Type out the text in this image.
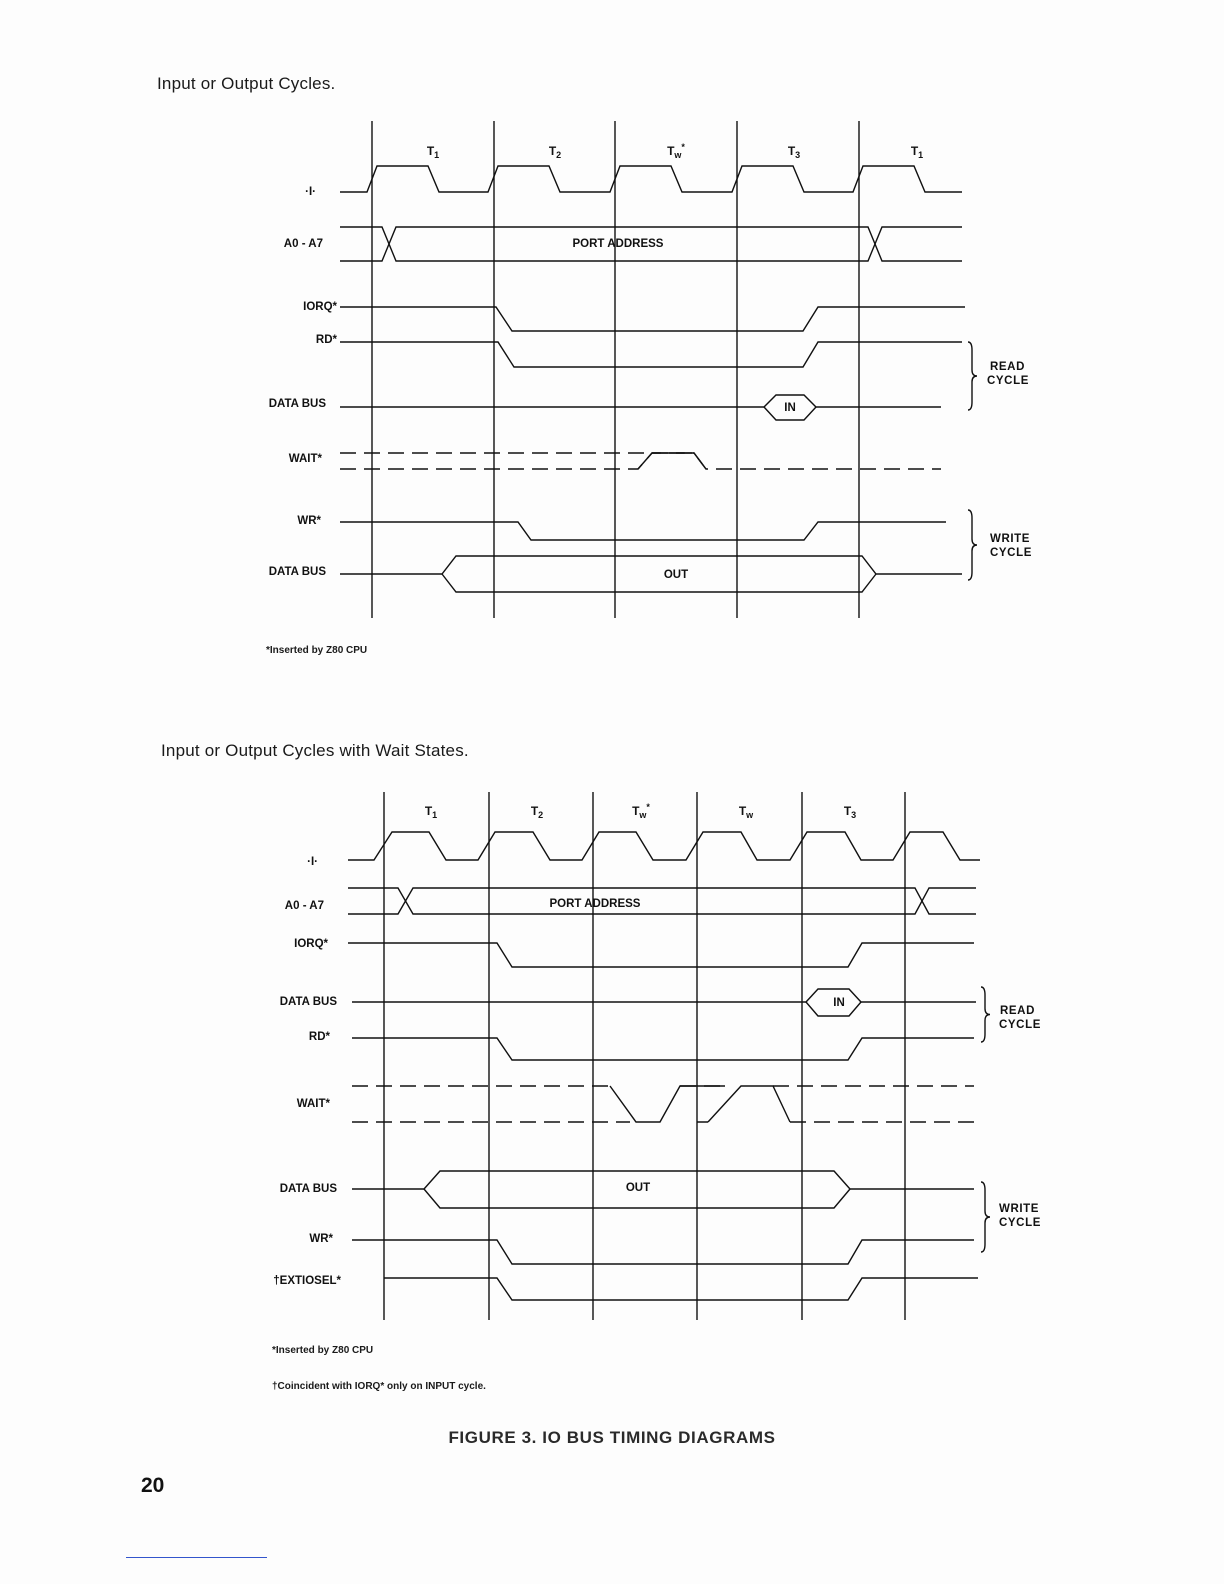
Input or Output Cycles.
$T_1$	$T_2$	$T_w^*$	$T_3$	$T_1$
·I·
A0 - A7	PORT ADDRESS
IORQ*
RD*
DATA BUS	IN
WAIT*
WR*
DATA BUS	OUT
READ
CYCLE
WRITE
CYCLE
*Inserted by Z80 CPU
Input or Output Cycles with Wait States.
$T_1$	$T_2$	$T_w^*$	$T_w$	$T_3$
·I·
A0 - A7	PORT ADDRESS
IORQ*
DATA BUS	IN
RD*
WAIT*
DATA BUS	OUT
WR*
†EXTIOSEL*
READ
CYCLE
WRITE
CYCLE
*Inserted by Z80 CPU
†Coincident with IORQ* only on INPUT cycle.
FIGURE 3. IO BUS TIMING DIAGRAMS
20
